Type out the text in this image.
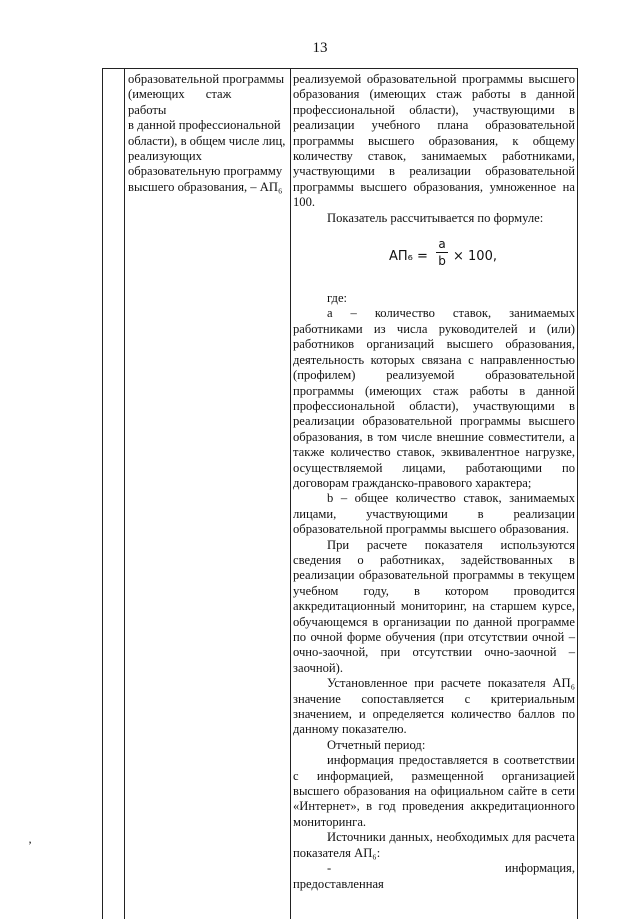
13
образовательной программы
(имеющих стаж работы
в данной профессиональной
области), в общем числе лиц,
реализующих
образовательную программу
высшего образования, – АП₆

реализуемой образовательной программы высшего образования (имеющих стаж работы в данной профессиональной области), участвующими в реализации учебного плана образовательной программы высшего образования, к общему количеству ставок, занимаемых работниками, участвующими в реализации образовательной программы высшего образования, умноженное на 100.

Показатель рассчитывается по формуле:

АП₆ =
a
b × 100,

где:

a – количество ставок, занимаемых работниками из числа руководителей и (или) работников организаций высшего образования, деятельность которых связана с направленностью (профилем) реализуемой образовательной программы (имеющих стаж работы в данной профессиональной области), участвующими в реализации образовательной программы высшего образования, в том числе внешние совместители, а также количество ставок, эквивалентное нагрузке, осуществляемой лицами, работающими по договорам гражданско-правового характера;

b – общее количество ставок, занимаемых лицами, участвующими в реализации образовательной программы высшего образования.

При расчете показателя используются сведения о работниках, задействованных в реализации образовательной программы в текущем учебном году, в котором проводится аккредитационный мониторинг, на старшем курсе, обучающемся в организации по данной программе по очной форме обучения (при отсутствии очной – очно-заочной, при отсутствии очно-заочной – заочной).

Установленное при расчете показателя АП₆ значение сопоставляется с критериальным значением, и определяется количество баллов по данному показателю.

Отчетный период:

информация предоставляется в соответствии с информацией, размещенной организацией высшего образования на официальном сайте в сети «Интернет», в год проведения аккредитационного мониторинга.

Источники данных, необходимых для расчета показателя АП₆:

- информация, предоставленная

’
